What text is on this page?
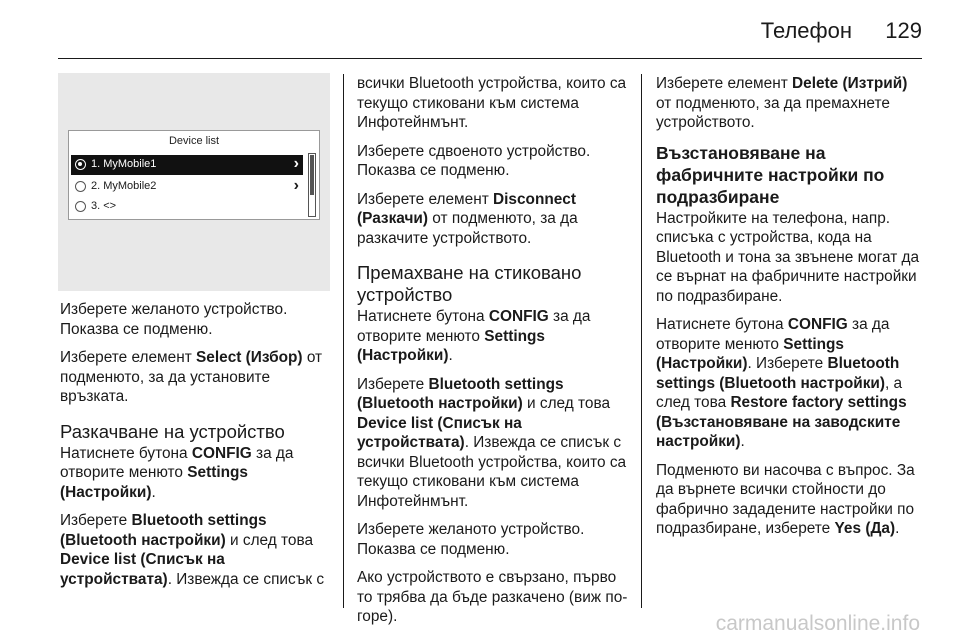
Телефон 129
Device list
1. MyMobile1	›
2. MyMobile2	›
3. <>

Изберете желаното устройство. Показва се подменю.

Изберете елемент Select (Избор) от подменюто, за да установите връзката.

Разкачване на устройство

Натиснете бутона CONFIG за да отворите менюто Settings (Настройки).

Изберете Bluetooth settings (Bluetooth настройки) и след това Device list (Списък на устройствата). Извежда се списък с

всички Bluetooth устройства, които са текущо стиковани към система Инфотейнмънт.

Изберете сдвоеното устройство. Показва се подменю.

Изберете елемент Disconnect (Разкачи) от подменюто, за да разкачите устройството.

Премахване на стиковано устройство

Натиснете бутона CONFIG за да отворите менюто Settings (Настройки).

Изберете Bluetooth settings (Bluetooth настройки) и след това Device list (Списък на устройствата). Извежда се списък с всички Bluetooth устройства, които са текущо стиковани към система Инфотейнмънт.

Изберете желаното устройство. Показва се подменю.

Ако устройството е свързано, първо то трябва да бъде разкачено (виж по-горе).

Изберете елемент Delete (Изтрий) от подменюто, за да премахнете устройството.

Възстановяване на фабричните настройки по подразбиране

Настройките на телефона, напр. списъка с устройства, кода на Bluetooth и тона за звънене могат да се върнат на фабричните настройки по подразбиране.

Натиснете бутона CONFIG за да отворите менюто Settings (Настройки). Изберете Bluetooth settings (Bluetooth настройки), а след това Restore factory settings (Възстановяване на заводските настройки).

Подменюто ви насочва с въпрос. За да върнете всички стойности до фабрично зададените настройки по подразбиране, изберете Yes (Да).

carmanualsonline.info
